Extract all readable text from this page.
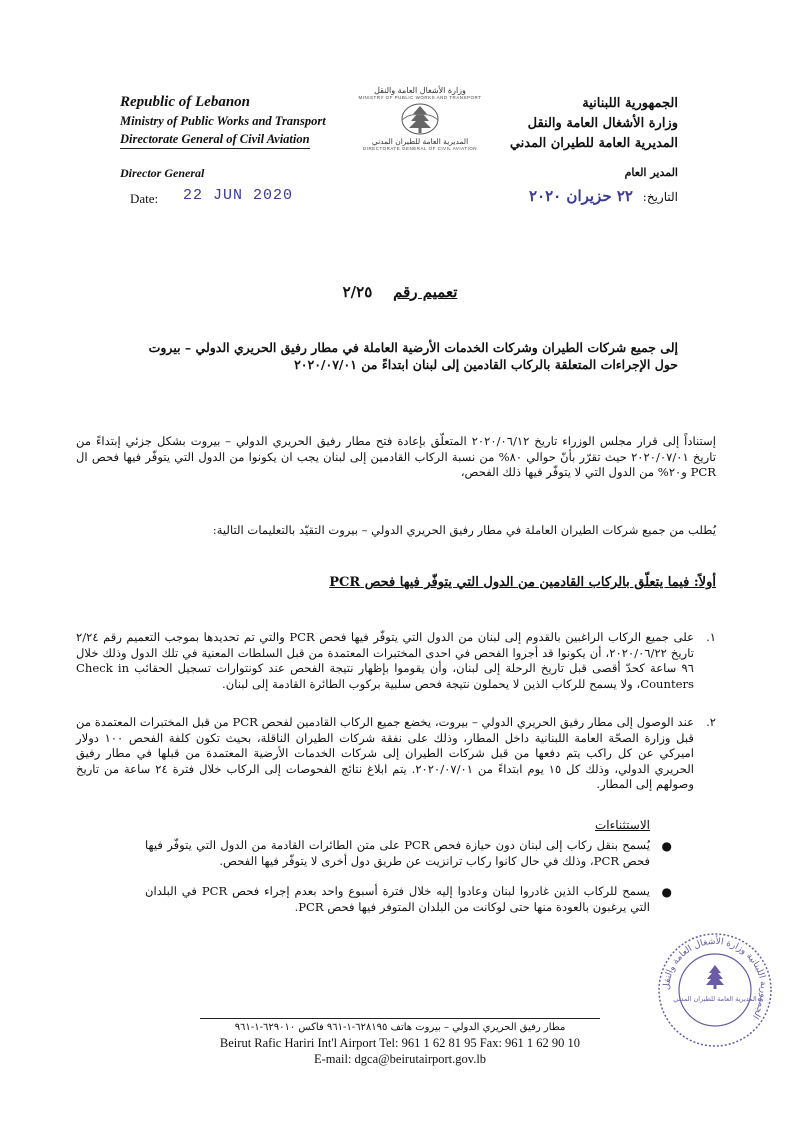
Republic of Lebanon
Ministry of Public Works and Transport
Directorate General of Civil Aviation
وزارة الأشغال العامة والنقل
MINISTRY OF PUBLIC WORKS AND TRANSPORT
المديرية العامة للطيران المدني
DIRECTORATE GENERAL OF CIVIL AVIATION
الجمهورية اللبنانية
وزارة الأشغال العامة والنقل
المديرية العامة للطيران المدني
Director General
Date: 22 JUN 2020
المدير العام
التاريخ: ٢٢ حزيران ٢٠٢٠
تعميم رقم    ٢/٢٥
إلى جميع شركات الطيران وشركات الخدمات الأرضية العاملة في مطار رفيق الحريري الدولي – بيروت
حول الإجراءات المتعلقة بالركاب القادمين إلى لبنان ابتداءً من ٢٠٢٠/٠٧/٠١
إستناداً إلى قرار مجلس الوزراء تاريخ ٢٠٢٠/٠٦/١٢ المتعلّق بإعادة فتح مطار رفيق الحريري الدولي – بيروت بشكل جزئي إبتداءً من تاريخ ٢٠٢٠/٠٧/٠١ حيث تقرّر بأنّ حوالي ٨٠% من نسبة الركاب القادمين إلى لبنان يجب ان يكونوا من الدول التي يتوفّر فيها فحص ال PCR و٢٠% من الدول التي لا يتوفّر فيها ذلك الفحص،
يُطلب من جميع شركات الطيران العاملة في مطار رفيق الحريري الدولي – بيروت التقيّد بالتعليمات التالية:
أولاً: فيما يتعلّق بالركاب القادمين من الدول التي يتوفّر فيها فحص PCR
١.
على جميع الركاب الراغبين بالقدوم إلى لبنان من الدول التي يتوفّر فيها فحص PCR والتي تم تحديدها بموجب التعميم رقم ٢/٢٤ تاريخ ٢٠٢٠/٠٦/٢٢، أن يكونوا قد أجروا الفحص في احدى المختبرات المعتمدة من قبل السلطات المعنية في تلك الدول وذلك خلال ٩٦ ساعة كحدّ أقصى قبل تاريخ الرحلة إلى لبنان، وأن يقوموا بإظهار نتيجة الفحص عند كونتوارات تسجيل الحقائب Check in Counters، ولا يسمح للركاب الذين لا يحملون نتيجة فحص سلبية بركوب الطائرة القادمة إلى لبنان.
٢.
عند الوصول إلى مطار رفيق الحريري الدولي – بيروت، يخضع جميع الركاب القادمين لفحص PCR من قبل المختبرات المعتمدة من قبل وزارة الصحّة العامة اللبنانية داخل المطار، وذلك على نفقة شركات الطيران الناقلة، بحيث تكون كلفة الفحص ١٠٠ دولار اميركي عن كل راكب يتم دفعها من قبل شركات الطيران إلى شركات الخدمات الأرضية المعتمدة من قبلها في مطار رفيق الحريري الدولي، وذلك كل ١٥ يوم ابتداءً من ٢٠٢٠/٠٧/٠١. يتم ابلاغ نتائج الفحوصات إلى الركاب خلال فترة ٢٤ ساعة من تاريخ وصولهم إلى المطار.
الاستثناءات
●
يُسمح بنقل ركاب إلى لبنان دون حيازة فحص PCR على متن الطائرات القادمة من الدول التي يتوفّر فيها فحص PCR، وذلك في حال كانوا ركاب ترانزيت عن طريق دول أخرى لا يتوفّر فيها الفحص.
●
يسمح للركاب الذين غادروا لبنان وعادوا إليه خلال فترة أسبوع واحد بعدم إجراء فحص PCR في البلدان التي يرغبون بالعودة منها حتى لوكانت من البلدان المتوفر فيها فحص PCR.
الجمهورية اللبنانية وزارة الأشغال العامة والنقل
المديرية العامة للطيران المدني
مطار رفيق الحريري الدولي – بيروت هاتف ٦٢٨١٩٥-١-٩٦١ فاكس ٦٢٩٠١٠-١-٩٦١
Beirut Rafic Hariri Int'l Airport Tel: 961 1 62 81 95 Fax: 961 1 62 90 10
E-mail: dgca@beirutairport.gov.lb
